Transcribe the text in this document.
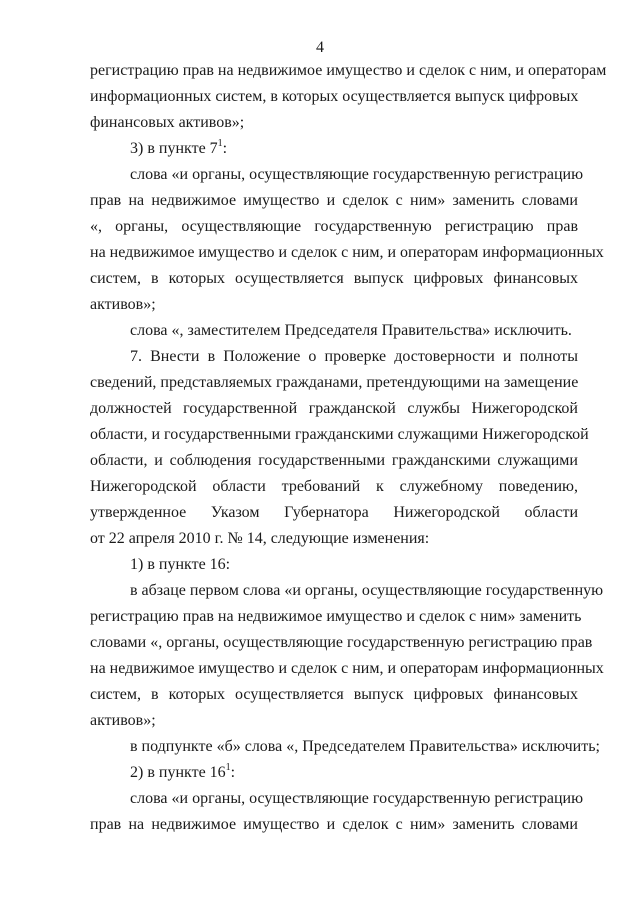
4
регистрацию прав на недвижимое имущество и сделок с ним, и операторам
информационных систем, в которых осуществляется выпуск цифровых
финансовых активов»;
3) в пункте $7^1$:
слова «и органы, осуществляющие государственную регистрацию
прав на недвижимое имущество и сделок с ним» заменить словами
«, органы, осуществляющие государственную регистрацию прав
на недвижимое имущество и сделок с ним, и операторам информационных
систем, в которых осуществляется выпуск цифровых финансовых
активов»;
слова «, заместителем Председателя Правительства» исключить.
7. Внести в Положение о проверке достоверности и полноты
сведений, представляемых гражданами, претендующими на замещение
должностей государственной гражданской службы Нижегородской
области, и государственными гражданскими служащими Нижегородской
области, и соблюдения государственными гражданскими служащими
Нижегородской области требований к служебному поведению,
утвержденное Указом Губернатора Нижегородской области
от 22 апреля 2010 г. № 14, следующие изменения:
1) в пункте 16:
в абзаце первом слова «и органы, осуществляющие государственную
регистрацию прав на недвижимое имущество и сделок с ним» заменить
словами «, органы, осуществляющие государственную регистрацию прав
на недвижимое имущество и сделок с ним, и операторам информационных
систем, в которых осуществляется выпуск цифровых финансовых
активов»;
в подпункте «б» слова «, Председателем Правительства» исключить;
2) в пункте $16^1$:
слова «и органы, осуществляющие государственную регистрацию
прав на недвижимое имущество и сделок с ним» заменить словами
